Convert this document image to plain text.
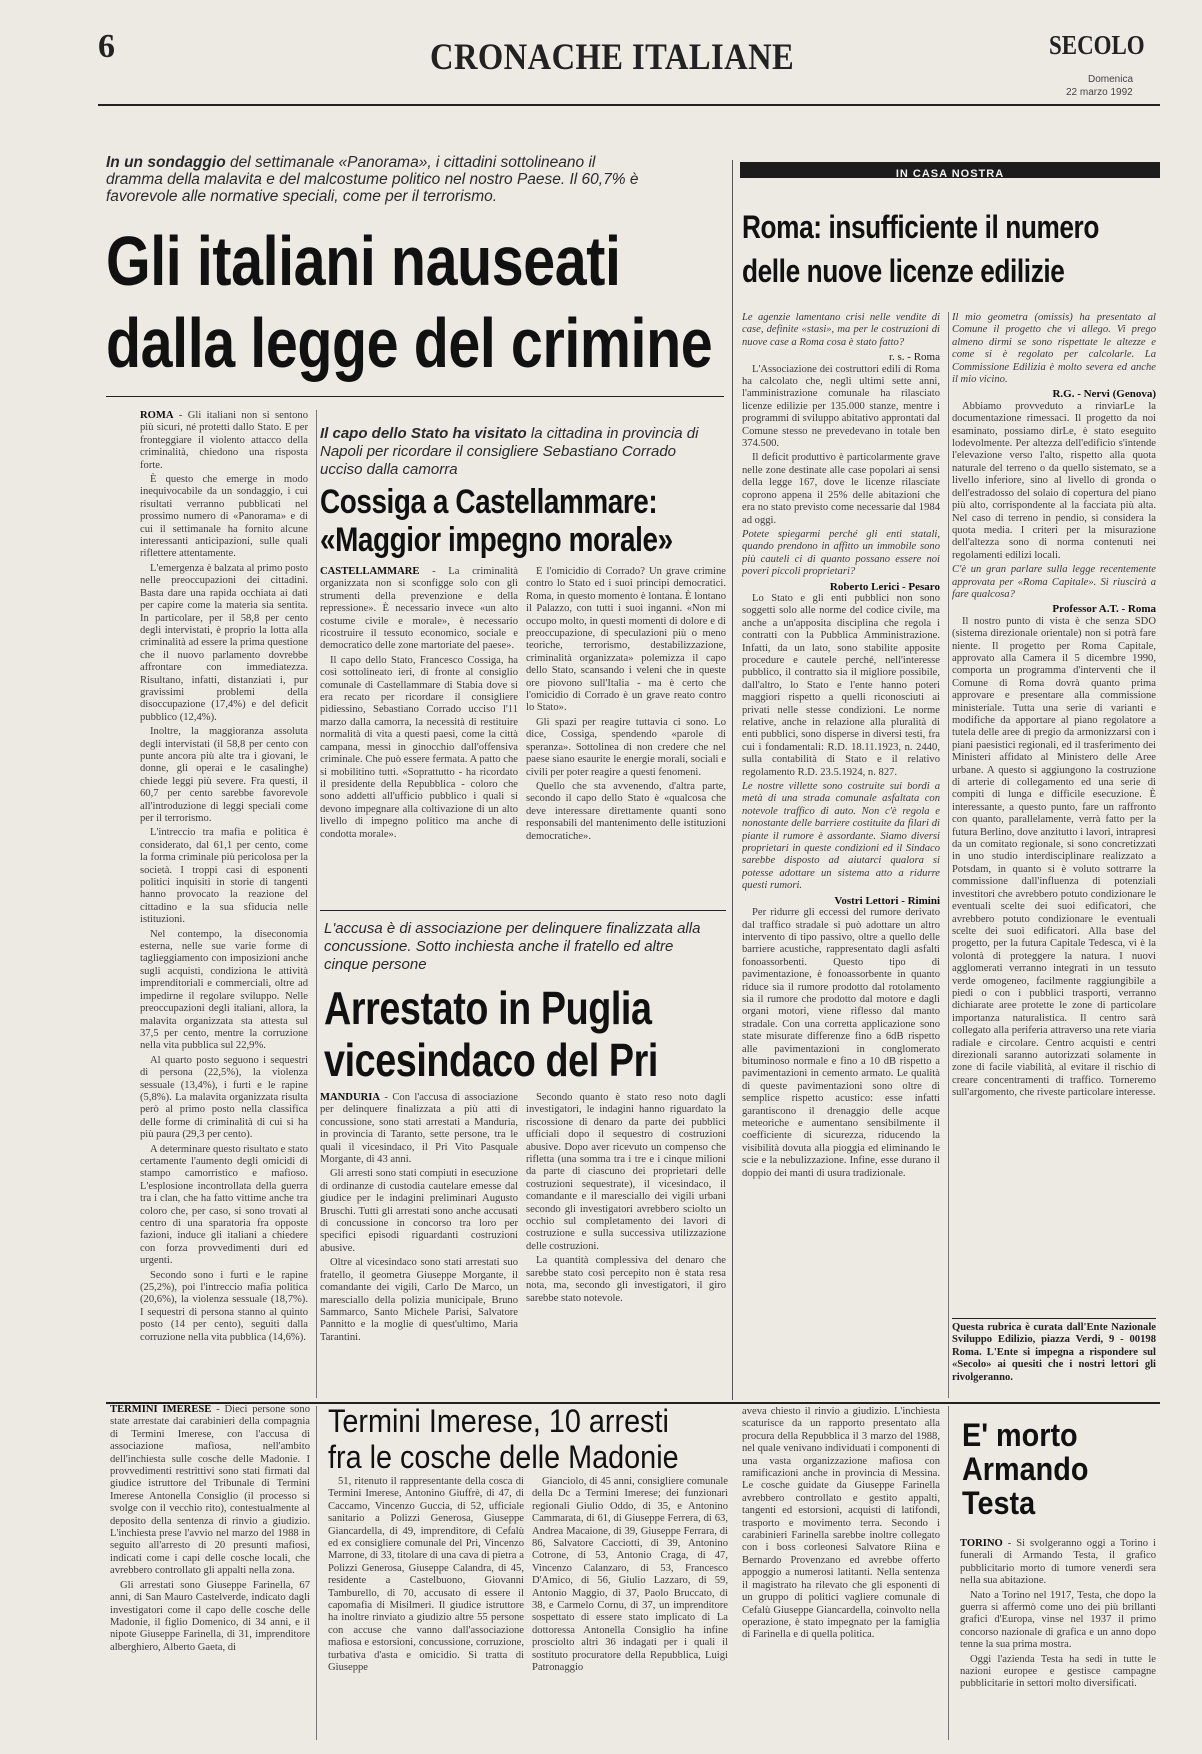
6	CRONACHE ITALIANE	SECOLO
Domenica
22 marzo 1992
In un sondaggio del settimanale «Panorama», i cittadini sottolineano il dramma della malavita e del malcostume politico nel nostro Paese. Il 60,7% è favorevole alle normative speciali, come per il terrorismo.
Gli italiani nauseati
dalla legge del crimine

ROMA - Gli italiani non si sentono più sicuri, né protetti dallo Stato. E per fronteggiare il violento attacco della criminalità, chiedono una risposta forte.

È questo che emerge in modo inequivocabile da un sondaggio, i cui risultati verranno pubblicati nel prossimo numero di «Panorama» e di cui il settimanale ha fornito alcune interessanti anticipazioni, sulle quali riflettere attentamente.

L'emergenza è balzata al primo posto nelle preoccupazioni dei cittadini. Basta dare una rapida occhiata ai dati per capire come la materia sia sentita. In particolare, per il 58,8 per cento degli intervistati, è proprio la lotta alla criminalità ad essere la prima questione che il nuovo parlamento dovrebbe affrontare con immediatezza. Risultano, infatti, distanziati i, pur gravissimi problemi della disoccupazione (17,4%) e del deficit pubblico (12,4%).

Inoltre, la maggioranza assoluta degli intervistati (il 58,8 per cento con punte ancora più alte tra i giovani, le donne, gli operai e le casalinghe) chiede leggi più severe. Fra questi, il 60,7 per cento sarebbe favorevole all'introduzione di leggi speciali come per il terrorismo.

L'intreccio tra mafia e politica è considerato, dal 61,1 per cento, come la forma criminale più pericolosa per la società. I troppi casi di esponenti politici inquisiti in storie di tangenti hanno provocato la reazione del cittadino e la sua sfiducia nelle istituzioni.

Nel contempo, la diseconomia esterna, nelle sue varie forme di taglieggiamento con imposizioni anche sugli acquisti, condiziona le attività imprenditoriali e commerciali, oltre ad impedirne il regolare sviluppo. Nelle preoccupazioni degli italiani, allora, la malavita organizzata sta attesta sul 37,5 per cento, mentre la corruzione nella vita pubblica sul 22,9%.

Al quarto posto seguono i sequestri di persona (22,5%), la violenza sessuale (13,4%), i furti e le rapine (5,8%). La malavita organizzata risulta però al primo posto nella classifica delle forme di criminalità di cui si ha più paura (29,3 per cento).

A determinare questo risultato e stato certamente l'aumento degli omicidi di stampo camorristico e mafioso. L'esplosione incontrollata della guerra tra i clan, che ha fatto vittime anche tra coloro che, per caso, si sono trovati al centro di una sparatoria fra opposte fazioni, induce gli italiani a chiedere con forza provvedimenti duri ed urgenti.

Secondo sono i furti e le rapine (25,2%), poi l'intreccio mafia politica (20,6%), la violenza sessuale (18,7%). I sequestri di persona stanno al quinto posto (14 per cento), seguiti dalla corruzione nella vita pubblica (14,6%).

Il capo dello Stato ha visitato la cittadina in provincia di Napoli per ricordare il consigliere Sebastiano Corrado ucciso dalla camorra
Cossiga a Castellammare:
«Maggior impegno morale»

CASTELLAMMARE - La criminalità organizzata non si sconfigge solo con gli strumenti della prevenzione e della repressione». È necessario invece «un alto costume civile e morale», è necessario ricostruire il tessuto economico, sociale e democratico delle zone martoriate del paese».

Il capo dello Stato, Francesco Cossiga, ha così sottolineato ieri, di fronte al consiglio comunale di Castellammare di Stabia dove si era recato per ricordare il consigliere pidiessino, Sebastiano Corrado ucciso l'11 marzo dalla camorra, la necessità di restituire normalità di vita a questi paesi, come la città campana, messi in ginocchio dall'offensiva criminale. Che può essere fermata. A patto che si mobilitino tutti. «Soprattutto - ha ricordato il presidente della Repubblica - coloro che sono addetti all'ufficio pubblico i quali si devono impegnare alla coltivazione di un alto livello di impegno politico ma anche di condotta morale».

È l'omicidio di Corrado? Un grave crimine contro lo Stato ed i suoi principi democratici. Roma, in questo momento è lontana. È lontano il Palazzo, con tutti i suoi inganni. «Non mi occupo molto, in questi momenti di dolore e di preoccupazione, di speculazioni più o meno teoriche, terrorismo, destabilizzazione, criminalità organizzata» polemizza il capo dello Stato, scansando i veleni che in queste ore piovono sull'Italia - ma è certo che l'omicidio di Corrado è un grave reato contro lo Stato».

Gli spazi per reagire tuttavia ci sono. Lo dice, Cossiga, spendendo «parole di speranza». Sottolinea di non credere che nel paese siano esaurite le energie morali, sociali e civili per poter reagire a questi fenomeni.

Quello che sta avvenendo, d'altra parte, secondo il capo dello Stato è «qualcosa che deve interessare direttamente quanti sono responsabili del mantenimento delle istituzioni democratiche».

L'accusa è di associazione per delinquere finalizzata alla concussione. Sotto inchiesta anche il fratello ed altre cinque persone
Arrestato in Puglia
vicesindaco del Pri

MANDURIA - Con l'accusa di associazione per delinquere finalizzata a più atti di concussione, sono stati arrestati a Manduria, in provincia di Taranto, sette persone, tra le quali il vicesindaco, il Pri Vito Pasquale Morgante, di 43 anni.

Gli arresti sono stati compiuti in esecuzione di ordinanze di custodia cautelare emesse dal giudice per le indagini preliminari Augusto Bruschi. Tutti gli arrestati sono anche accusati di concussione in concorso tra loro per specifici episodi riguardanti costruzioni abusive.

Oltre al vicesindaco sono stati arrestati suo fratello, il geometra Giuseppe Morgante, il comandante dei vigili, Carlo De Marco, un maresciallo della polizia municipale, Bruno Sammarco, Santo Michele Parisi, Salvatore Pannitto e la moglie di quest'ultimo, Maria Tarantini.

Secondo quanto è stato reso noto dagli investigatori, le indagini hanno riguardato la riscossione di denaro da parte dei pubblici ufficiali dopo il sequestro di costruzioni abusive. Dopo aver ricevuto un compenso che rifletta (una somma tra i tre e i cinque milioni da parte di ciascuno dei proprietari delle costruzioni sequestrate), il vicesindaco, il comandante e il maresciallo dei vigili urbani secondo gli investigatori avrebbero sciolto un occhio sul completamento dei lavori di costruzione e sulla successiva utilizzazione delle costruzioni.

La quantità complessiva del denaro che sarebbe stato così percepito non è stata resa nota, ma, secondo gli investigatori, il giro sarebbe stato notevole.

IN CASA NOSTRA
Roma: insufficiente il numero
delle nuove licenze edilizie

Le agenzie lamentano crisi nelle vendite di case, definite «stasi», ma per le costruzioni di nuove case a Roma cosa è stato fatto?

r. s. - Roma

L'Associazione dei costruttori edili di Roma ha calcolato che, negli ultimi sette anni, l'amministrazione comunale ha rilasciato licenze edilizie per 135.000 stanze, mentre i programmi di sviluppo abitativo approntati dal Comune stesso ne prevedevano in totale ben 374.500.

Il deficit produttivo è particolarmente grave nelle zone destinate alle case popolari ai sensi della legge 167, dove le licenze rilasciate coprono appena il 25% delle abitazioni che era no stato previsto come necessarie dal 1984 ad oggi.

Potete spiegarmi perché gli enti statali, quando prendono in affitto un immobile sono più cauteli ci di quanto possano essere noi poveri piccoli proprietari?

Roberto Lerici - Pesaro

Lo Stato e gli enti pubblici non sono soggetti solo alle norme del codice civile, ma anche a un'apposita disciplina che regola i contratti con la Pubblica Amministrazione. Infatti, da un lato, sono stabilite apposite procedure e cautele perché, nell'interesse pubblico, il contratto sia il migliore possibile, dall'altro, lo Stato e l'ente hanno poteri maggiori rispetto a quelli riconosciuti ai privati nelle stesse condizioni. Le norme relative, anche in relazione alla pluralità di enti pubblici, sono disperse in diversi testi, fra cui i fondamentali: R.D. 18.11.1923, n. 2440, sulla contabilità di Stato e il relativo regolamento R.D. 23.5.1924, n. 827.

Le nostre villette sono costruite sui bordi a metà di una strada comunale asfaltata con notevole traffico di auto. Non c'è regola e nonostante delle barriere costituite da filari di piante il rumore è assordante. Siamo diversi proprietari in queste condizioni ed il Sindaco sarebbe disposto ad aiutarci qualora si potesse adottare un sistema atto a ridurre questi rumori.

Vostri Lettori - Rimini

Per ridurre gli eccessi del rumore derivato dal traffico stradale si può adottare un altro intervento di tipo passivo, oltre a quello delle barriere acustiche, rappresentato dagli asfalti fonoassorbenti. Questo tipo di pavimentazione, è fonoassorbente in quanto riduce sia il rumore prodotto dal rotolamento sia il rumore che prodotto dal motore e dagli organi motori, viene riflesso dal manto stradale. Con una corretta applicazione sono state misurate differenze fino a 6dB rispetto alle pavimentazioni in conglomerato bituminoso normale e fino a 10 dB rispetto a pavimentazioni in cemento armato. Le qualità di queste pavimentazioni sono oltre di semplice rispetto acustico: esse infatti garantiscono il drenaggio delle acque meteoriche e aumentano sensibilmente il coefficiente di sicurezza, riducendo la visibilità dovuta alla pioggia ed eliminando le scie e la nebulizzazione. Infine, esse durano il doppio dei manti di usura tradizionale.

Il mio geometra (omissis) ha presentato al Comune il progetto che vi allego. Vi prego almeno dirmi se sono rispettate le altezze e come si è regolato per calcolarle. La Commissione Edilizia è molto severa ed anche il mio vicino.

R.G. - Nervi (Genova)

Abbiamo provveduto a rinviarLe la documentazione rimessaci. Il progetto da noi esaminato, possiamo dirLe, è stato eseguito lodevolmente. Per altezza dell'edificio s'intende l'elevazione verso l'alto, rispetto alla quota naturale del terreno o da quello sistemato, se a livello inferiore, sino al livello di gronda o dell'estradosso del solaio di copertura del piano più alto, corrispondente al la facciata più alta. Nel caso di terreno in pendio, si considera la quota media. I criteri per la misurazione dell'altezza sono di norma contenuti nei regolamenti edilizi locali.

C'è un gran parlare sulla legge recentemente approvata per «Roma Capitale». Si riuscirà a fare qualcosa?

Professor A.T. - Roma

Il nostro punto di vista è che senza SDO (sistema direzionale orientale) non si potrà fare niente. Il progetto per Roma Capitale, approvato alla Camera il 5 dicembre 1990, comporta un programma d'interventi che il Comune di Roma dovrà quanto prima approvare e presentare alla commissione ministeriale. Tutta una serie di varianti e modifiche da apportare al piano regolatore a tutela delle aree di pregio da armonizzarsi con i piani paesistici regionali, ed il trasferimento dei Ministeri affidato al Ministero delle Aree urbane. A questo si aggiungono la costruzione di arterie di collegamento ed una serie di compiti di lunga e difficile esecuzione. È interessante, a questo punto, fare un raffronto con quanto, parallelamente, verrà fatto per la futura Berlino, dove anzitutto i lavori, intrapresi da un comitato regionale, si sono concretizzati in uno studio interdisciplinare realizzato a Potsdam, in quanto si è voluto sottrarre la commissione dall'influenza di potenziali investitori che avrebbero potuto condizionare le eventuali scelte dei suoi edificatori, che avrebbero potuto condizionare le eventuali scelte dei suoi edificatori. Alla base del progetto, per la futura Capitale Tedesca, vi è la volontà di proteggere la natura. I nuovi agglomerati verranno integrati in un tessuto verde omogeneo, facilmente raggiungibile a piedi o con i pubblici trasporti, verranno dichiarate aree protette le zone di particolare importanza naturalistica. Il centro sarà collegato alla periferia attraverso una rete viaria radiale e circolare. Centro acquisti e centri direzionali saranno autorizzati solamente in zone di facile viabilità, al evitare il rischio di creare concentramenti di traffico. Torneremo sull'argomento, che riveste particolare interesse.

Questa rubrica è curata dall'Ente Nazionale Sviluppo Edilizio, piazza Verdi, 9 - 00198 Roma. L'Ente si impegna a rispondere sul «Secolo» ai quesiti che i nostri lettori gli rivolgeranno.

Termini Imerese, 10 arresti
fra le cosche delle Madonie

TERMINI IMERESE - Dieci persone sono state arrestate dai carabinieri della compagnia di Termini Imerese, con l'accusa di associazione mafiosa, nell'ambito dell'inchiesta sulle cosche delle Madonie. I provvedimenti restrittivi sono stati firmati dal giudice istruttore del Tribunale di Termini Imerese Antonella Consiglio (il processo si svolge con il vecchio rito), contestualmente al deposito della sentenza di rinvio a giudizio. L'inchiesta prese l'avvio nel marzo del 1988 in seguito all'arresto di 20 presunti mafiosi, indicati come i capi delle cosche locali, che avrebbero controllato gli appalti nella zona.

Gli arrestati sono Giuseppe Farinella, 67 anni, di San Mauro Castelverde, indicato dagli investigatori come il capo delle cosche delle Madonie, il figlio Domenico, di 34 anni, e il nipote Giuseppe Farinella, di 31, imprenditore alberghiero, Alberto Gaeta, di

51, ritenuto il rappresentante della cosca di Termini Imerese, Antonino Giuffrè, di 47, di Caccamo, Vincenzo Guccia, di 52, ufficiale sanitario a Polizzi Generosa, Giuseppe Giancardella, di 49, imprenditore, di Cefalù ed ex consigliere comunale del Pri, Vincenzo Marrone, di 33, titolare di una cava di pietra a Polizzi Generosa, Giuseppe Calandra, di 45, residente a Castelbuono, Giovanni Tamburello, di 70, accusato di essere il capomafia di Misilmeri. Il giudice istruttore ha inoltre rinviato a giudizio altre 55 persone con accuse che vanno dall'associazione mafiosa e estorsioni, concussione, corruzione, turbativa d'asta e omicidio. Si tratta di Giuseppe

Gianciolo, di 45 anni, consigliere comunale della Dc a Termini Imerese; dei funzionari regionali Giulio Oddo, di 35, e Antonino Cammarata, di 61, di Giuseppe Ferrera, di 63, Andrea Macaione, di 39, Giuseppe Ferrara, di 86, Salvatore Cacciotti, di 39, Antonino Cotrone, di 53, Antonio Craga, di 47, Vincenzo Calanzaro, di 53, Francesco D'Amico, di 56, Giulio Lazzaro, di 59, Antonio Maggio, di 37, Paolo Bruccato, di 38, e Carmelo Cornu, di 37, un imprenditore sospettato di essere stato implicato di La dottoressa Antonella Consiglio ha infine prosciolto altri 36 indagati per i quali il sostituto procuratore della Repubblica, Luigi Patronaggio

aveva chiesto il rinvio a giudizio. L'inchiesta scaturisce da un rapporto presentato alla procura della Repubblica il 3 marzo del 1988, nel quale venivano individuati i componenti di una vasta organizzazione mafiosa con ramificazioni anche in provincia di Messina. Le cosche guidate da Giuseppe Farinella avrebbero controllato e gestito appalti, tangenti ed estorsioni, acquisti di latifondi, trasporto e movimento terra. Secondo i carabinieri Farinella sarebbe inoltre collegato con i boss corleonesi Salvatore Riina e Bernardo Provenzano ed avrebbe offerto appoggio a numerosi latitanti. Nella sentenza il magistrato ha rilevato che gli esponenti di un gruppo di politici vagliere comunale di Cefalù Giuseppe Giancardella, coinvolto nella operazione, è stato impegnato per la famiglia di Farinella e di quella politica.

E' morto
Armando
Testa

TORINO - Si svolgeranno oggi a Torino i funerali di Armando Testa, il grafico pubblicitario morto di tumore venerdì sera nella sua abitazione.

Nato a Torino nel 1917, Testa, che dopo la guerra si affermò come uno dei più brillanti grafici d'Europa, vinse nel 1937 il primo concorso nazionale di grafica e un anno dopo tenne la sua prima mostra.

Oggi l'azienda Testa ha sedi in tutte le nazioni europee e gestisce campagne pubblicitarie in settori molto diversificati.
